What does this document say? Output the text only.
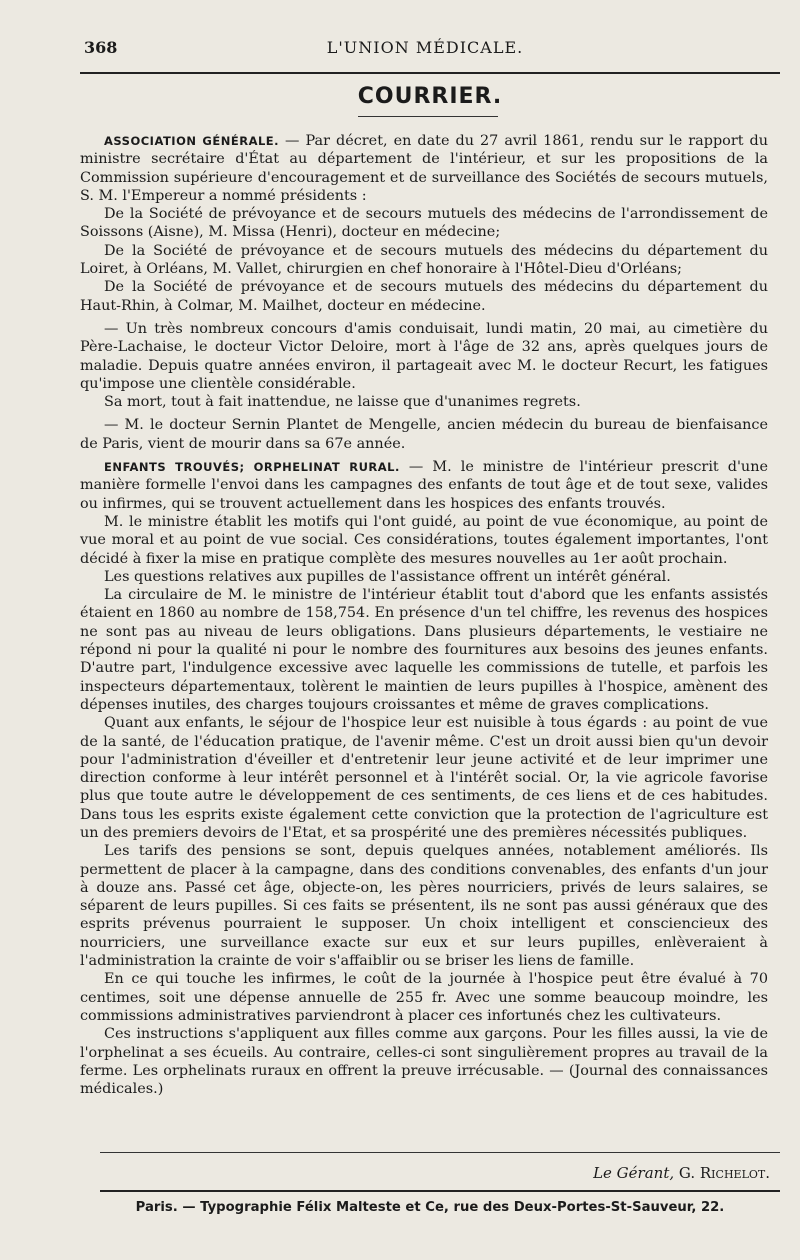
368	L'UNION MÉDICALE.
COURRIER.

ASSOCIATION GÉNÉRALE. — Par décret, en date du 27 avril 1861, rendu sur le rapport du ministre secrétaire d'État au département de l'intérieur, et sur les propositions de la Commission supérieure d'encouragement et de surveillance des Sociétés de secours mutuels, S. M. l'Empereur a nommé présidents :

De la Société de prévoyance et de secours mutuels des médecins de l'arrondissement de Soissons (Aisne), M. Missa (Henri), docteur en médecine;

De la Société de prévoyance et de secours mutuels des médecins du département du Loiret, à Orléans, M. Vallet, chirurgien en chef honoraire à l'Hôtel-Dieu d'Orléans;

De la Société de prévoyance et de secours mutuels des médecins du département du Haut-Rhin, à Colmar, M. Mailhet, docteur en médecine.

— Un très nombreux concours d'amis conduisait, lundi matin, 20 mai, au cimetière du Père-Lachaise, le docteur Victor Deloire, mort à l'âge de 32 ans, après quelques jours de maladie. Depuis quatre années environ, il partageait avec M. le docteur Recurt, les fatigues qu'impose une clientèle considérable.

Sa mort, tout à fait inattendue, ne laisse que d'unanimes regrets.

— M. le docteur Sernin Plantet de Mengelle, ancien médecin du bureau de bienfaisance de Paris, vient de mourir dans sa 67e année.

ENFANTS TROUVÉS; ORPHELINAT RURAL. — M. le ministre de l'intérieur prescrit d'une manière formelle l'envoi dans les campagnes des enfants de tout âge et de tout sexe, valides ou infirmes, qui se trouvent actuellement dans les hospices des enfants trouvés.

M. le ministre établit les motifs qui l'ont guidé, au point de vue économique, au point de vue moral et au point de vue social. Ces considérations, toutes également importantes, l'ont décidé à fixer la mise en pratique complète des mesures nouvelles au 1er août prochain.

Les questions relatives aux pupilles de l'assistance offrent un intérêt général.

La circulaire de M. le ministre de l'intérieur établit tout d'abord que les enfants assistés étaient en 1860 au nombre de 158,754. En présence d'un tel chiffre, les revenus des hospices ne sont pas au niveau de leurs obligations. Dans plusieurs départements, le vestiaire ne répond ni pour la qualité ni pour le nombre des fournitures aux besoins des jeunes enfants. D'autre part, l'indulgence excessive avec laquelle les commissions de tutelle, et parfois les inspecteurs départementaux, tolèrent le maintien de leurs pupilles à l'hospice, amènent des dépenses inutiles, des charges toujours croissantes et même de graves complications.

Quant aux enfants, le séjour de l'hospice leur est nuisible à tous égards : au point de vue de la santé, de l'éducation pratique, de l'avenir même. C'est un droit aussi bien qu'un devoir pour l'administration d'éveiller et d'entretenir leur jeune activité et de leur imprimer une direction conforme à leur intérêt personnel et à l'intérêt social. Or, la vie agricole favorise plus que toute autre le développement de ces sentiments, de ces liens et de ces habitudes. Dans tous les esprits existe également cette conviction que la protection de l'agriculture est un des premiers devoirs de l'Etat, et sa prospérité une des premières nécessités publiques.

Les tarifs des pensions se sont, depuis quelques années, notablement améliorés. Ils permettent de placer à la campagne, dans des conditions convenables, des enfants d'un jour à douze ans. Passé cet âge, objecte-on, les pères nourriciers, privés de leurs salaires, se séparent de leurs pupilles. Si ces faits se présentent, ils ne sont pas aussi généraux que des esprits prévenus pourraient le supposer. Un choix intelligent et consciencieux des nourriciers, une surveillance exacte sur eux et sur leurs pupilles, enlèveraient à l'administration la crainte de voir s'affaiblir ou se briser les liens de famille.

En ce qui touche les infirmes, le coût de la journée à l'hospice peut être évalué à 70 centimes, soit une dépense annuelle de 255 fr. Avec une somme beaucoup moindre, les commissions administratives parviendront à placer ces infortunés chez les cultivateurs.

Ces instructions s'appliquent aux filles comme aux garçons. Pour les filles aussi, la vie de l'orphelinat a ses écueils. Au contraire, celles-ci sont singulièrement propres au travail de la ferme. Les orphelinats ruraux en offrent la preuve irrécusable. — (Journal des connaissances médicales.)

Le Gérant, G. Richelot.
Paris. — Typographie Félix Malteste et Ce, rue des Deux-Portes-St-Sauveur, 22.
